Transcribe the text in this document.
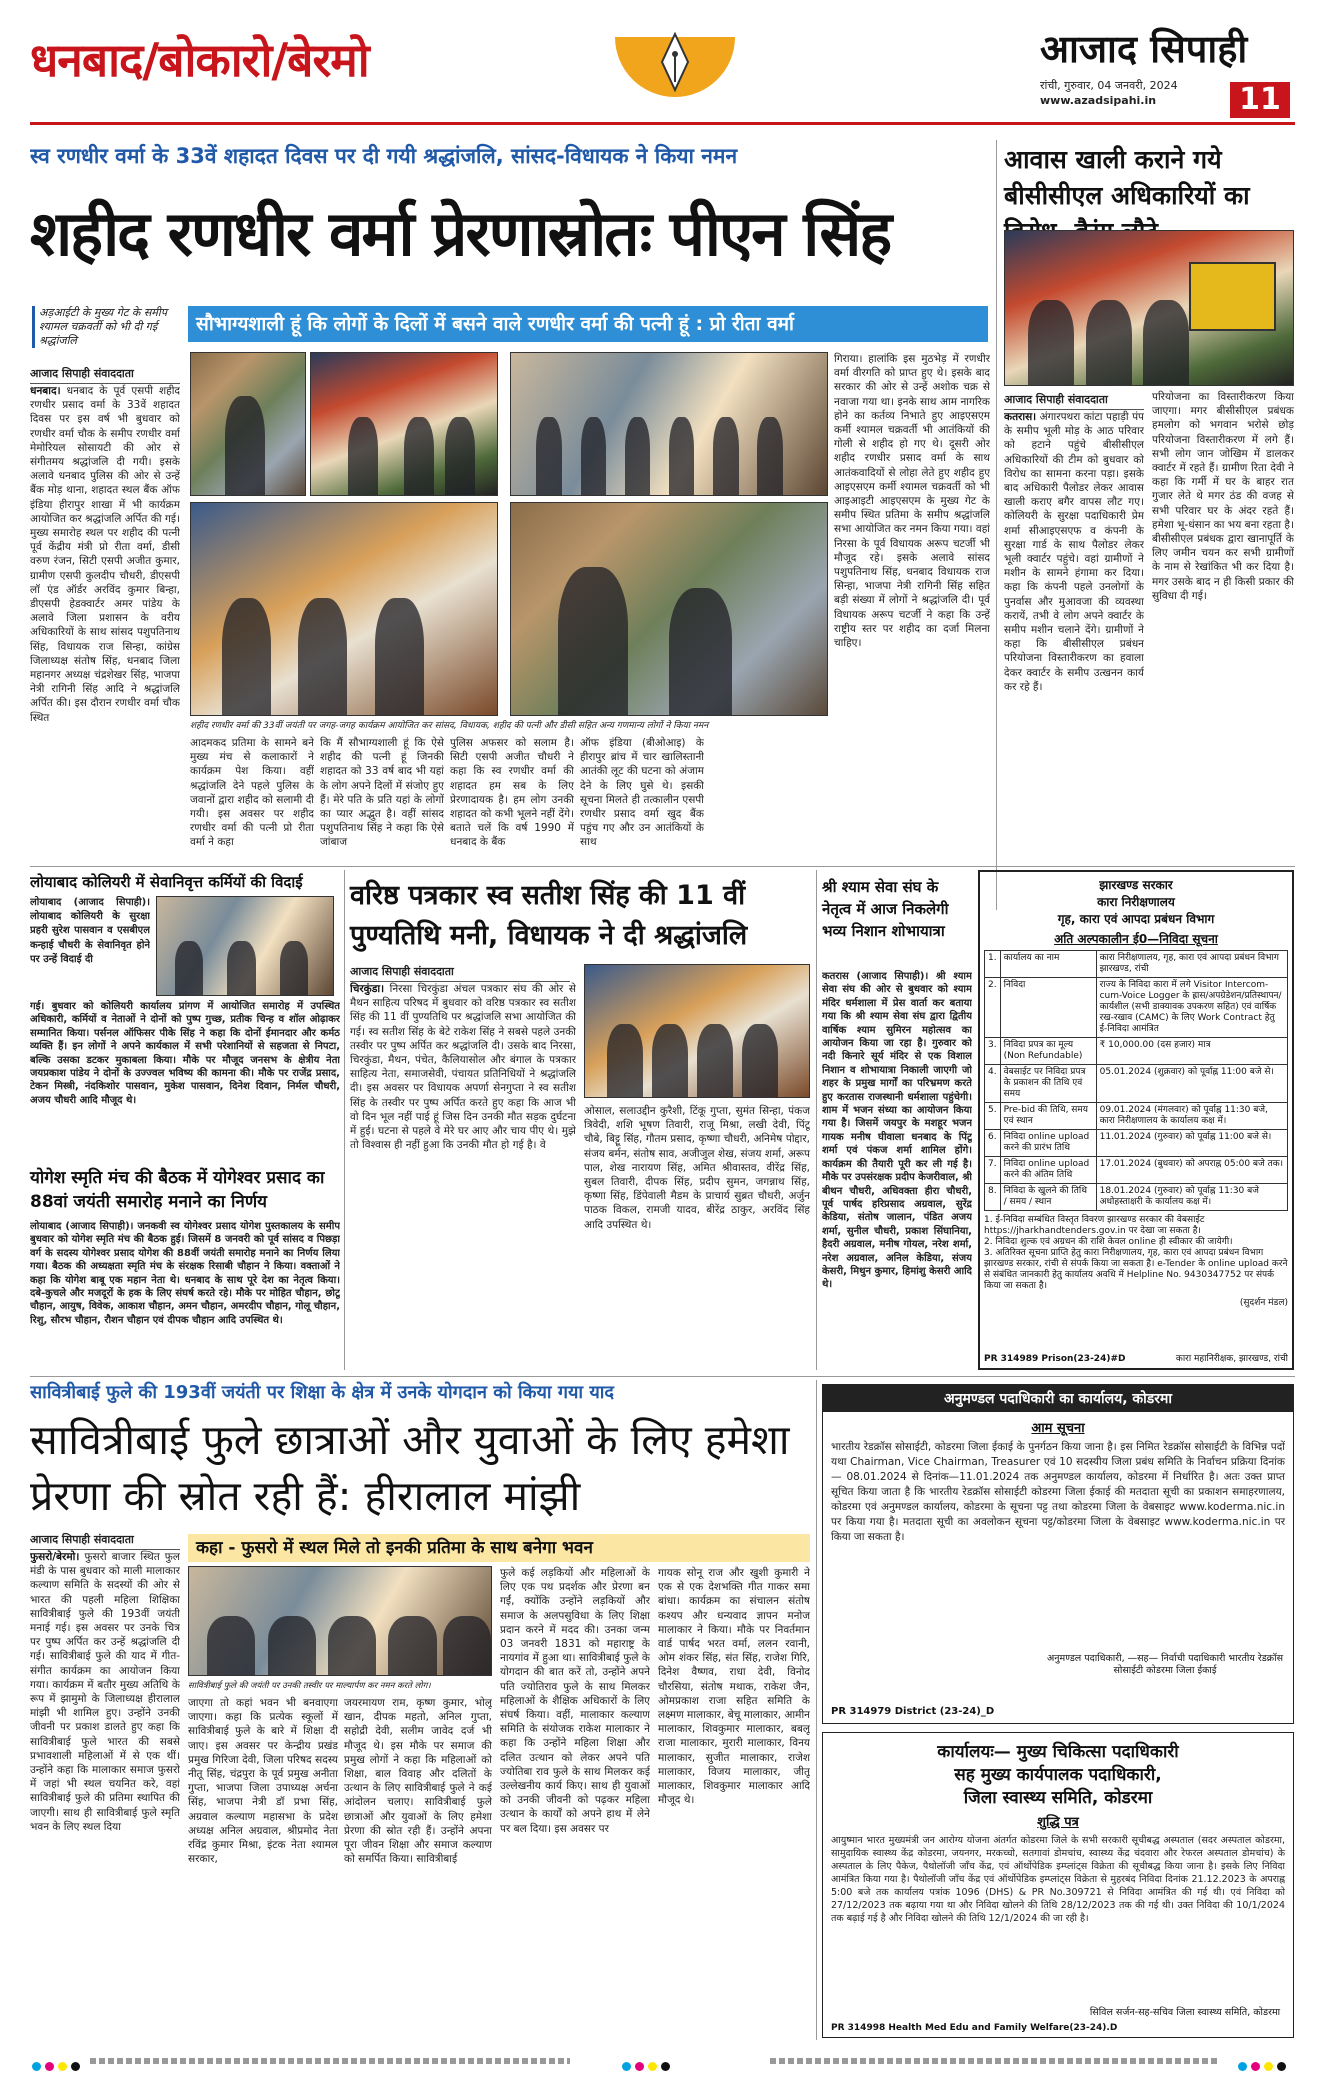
धनबाद/बोकारो/बेरमो	आजाद सिपाही
रांची, गुरुवार, 04 जनवरी, 2024
www.azadsipahi.in	11
स्व रणधीर वर्मा के 33वें शहादत दिवस पर दी गयी श्रद्धांजलि, सांसद-विधायक ने किया नमन
शहीद रणधीर वर्मा प्रेरणास्रोतः पीएन सिंह
अड़आईटी के मुख्य गेट के समीप श्यामल चक्रवर्ती को भी दी गई श्रद्धांजलि
सौभाग्यशाली हूं कि लोगों के दिलों में बसने वाले रणधीर वर्मा की पत्नी हूं : प्रो रीता वर्मा
आजाद सिपाही संवाददाता
धनबाद। धनबाद के पूर्व एसपी शहीद रणधीर प्रसाद वर्मा के 33वें शहादत दिवस पर इस वर्ष भी बुधवार को रणधीर वर्मा चौक के समीप रणधीर वर्मा मेमोरियल सोसायटी की ओर से संगीतमय श्रद्धांजलि दी गयी। इसके अलावे धनबाद पुलिस की ओर से उन्हें बैंक मोड़ थाना, शहादत स्थल बैंक ऑफ इंडिया हीरापुर शाखा में भी कार्यक्रम आयोजित कर श्रद्धांजलि अर्पित की गई। मुख्य समारोह स्थल पर शहीद की पत्नी पूर्व केंद्रीय मंत्री प्रो रीता वर्मा, डीसी वरुण रंजन, सिटी एसपी अजीत कुमार, ग्रामीण एसपी कुलदीप चौधरी, डीएसपी लॉ एंड ऑर्डर अरविंद कुमार बिन्हा, डीएसपी हेडक्वार्टर अमर पांडेय के अलावे जिला प्रशासन के वरीय अधिकारियों के साथ सांसद पशुपतिनाथ सिंह, विधायक राज सिन्हा, कांग्रेस जिलाध्यक्ष संतोष सिंह, धनबाद जिला महानगर अध्यक्ष चंद्रशेखर सिंह, भाजपा नेत्री रागिनी सिंह आदि ने श्रद्धांजलि अर्पित की। इस दौरान रणधीर वर्मा चौक स्थित
शहीद रणधीर वर्मा की 33वीं जयंती पर जगह-जगह कार्यक्रम आयोजित कर सांसद, विधायक, शहीद की पत्नी और डीसी सहित अन्य गणमान्य लोगों ने किया नमन
गिराया। हालांकि इस मुठभेड़ में रणधीर वर्मा वीरगति को प्राप्त हुए थे। इसके बाद सरकार की ओर से उन्हें अशोक चक्र से नवाजा गया था। इनके साथ आम नागरिक होने का कर्तव्य निभाते हुए आइएसएम कर्मी श्यामल चक्रवर्ती भी आतंकियों की गोली से शहीद हो गए थे। दूसरी ओर शहीद रणधीर प्रसाद वर्मा के साथ आतंकवादियों से लोहा लेते हुए शहीद हुए आइएसएम कर्मी श्यामल चक्रवर्ती को भी आइआइटी आइएसएम के मुख्य गेट के समीप स्थित प्रतिमा के समीप श्रद्धांजलि सभा आयोजित कर नमन किया गया। वहां निरसा के पूर्व विधायक अरूप चटर्जी भी मौजूद रहे। इसके अलावे सांसद पशुपतिनाथ सिंह, धनबाद विधायक राज सिन्हा, भाजपा नेत्री रागिनी सिंह सहित बड़ी संख्या में लोगों ने श्रद्धांजलि दी। पूर्व विधायक अरूप चटर्जी ने कहा कि उन्हें राष्ट्रीय स्तर पर शहीद का दर्जा मिलना चाहिए।
आदमकद प्रतिमा के सामने बने मुख्य मंच से कलाकारों ने कार्यक्रम पेश किया। वहीं श्रद्धांजलि देने पहले पुलिस के जवानों द्वारा शहीद को सलामी दी गयी। इस अवसर पर शहीद रणधीर वर्मा की पत्नी प्रो रीता वर्मा ने कहा
कि मैं सौभाग्यशाली हूं कि ऐसे शहीद की पत्नी हूं जिनकी शहादत को 33 वर्ष बाद भी यहां के लोग अपने दिलों में संजोए हुए हैं। मेरे पति के प्रति यहां के लोगों का प्यार अद्भुत है। वहीं सांसद पशुपतिनाथ सिंह ने कहा कि ऐसे जांबाज
पुलिस अफसर को सलाम है। सिटी एसपी अजीत चौधरी ने कहा कि स्व रणधीर वर्मा की शहादत हम सब के लिए प्रेरणादायक है। हम लोग उनकी शहादत को कभी भूलने नहीं देंगे। बताते चलें कि वर्ष 1990 में धनबाद के बैंक
ऑफ इंडिया (बीओआइ) के हीरापुर ब्रांच में चार खालिस्तानी आतंकी लूट की घटना को अंजाम देने के लिए घुसे थे। इसकी सूचना मिलते ही तत्कालीन एसपी रणधीर प्रसाद वर्मा खुद बैंक पहुंच गए और उन आतंकियों के साथ
आवास खाली कराने गये बीसीसीएल अधिकारियों का
आजाद सिपाही संवाददाता
कतरास। अंगारपथरा कांटा पहाड़ी पंप के समीप भूली मोड़ के आठ परिवार को हटाने पहुंचे बीसीसीएल अधिकारियों की टीम को बुधवार को विरोध का सामना करना पड़ा। इसके बाद अधिकारी पैलोडर लेकर आवास खाली कराए बगैर वापस लौट गए। कोलियरी के सुरक्षा पदाधिकारी प्रेम शर्मा सीआइएसएफ व कंपनी के सुरक्षा गार्ड के साथ पैलोडर लेकर भूली क्वार्टर पहुंचे। वहां ग्रामीणों ने मशीन के सामने हंगामा कर दिया। कहा कि कंपनी पहले उनलोगों के पुनर्वास और मुआवजा की व्यवस्था करायें, तभी वे लोग अपने क्वार्टर के समीप मशीन चलाने देंगे। ग्रामीणों ने कहा कि बीसीसीएल प्रबंधन परियोजना विस्तारीकरण का हवाला देकर क्वार्टर के समीप उत्खनन कार्य कर रहे हैं।
परियोजना का विस्तारीकरण किया जाएगा। मगर बीसीसीएल प्रबंधक हमलोग को भगवान भरोसे छोड़ परियोजना विस्तारीकरण में लगे हैं। सभी लोग जान जोखिम में डालकर क्वार्टर में रहते हैं। ग्रामीण रिता देवी ने कहा कि गर्मी में घर के बाहर रात गुजार लेते थे मगर ठंड की वजह से सभी परिवार घर के अंदर रहते हैं। हमेशा भू-धंसान का भय बना रहता है। बीसीसीएल प्रबंधक द्वारा खानापूर्ति के लिए जमीन चयन कर सभी ग्रामीणों के नाम से रेखांकित भी कर दिया है। मगर उसके बाद न ही किसी प्रकार की सुविधा दी गई।
लोयाबाद कोलियरी में सेवानिवृत्त कर्मियों की विदाई
लोयाबाद (आजाद सिपाही)। लोयाबाद कोलियरी के सुरक्षा प्रहरी सुरेश पासवान व एसबीएल कन्हाई चौधरी के सेवानिवृत होने पर उन्हें विदाई दी
गई। बुधवार को कोलियरी कार्यालय प्रांगण में आयोजित समारोह में उपस्थित अधिकारी, कर्मियों व नेताओं ने दोनों को पुष्प गुच्छ, प्रतीक चिन्ह व शॉल ओढ़ाकर सम्मानित किया। पर्सनल ऑफिसर पीके सिंह ने कहा कि दोनों ईमानदार और कर्मठ व्यक्ति हैं। इन लोगों ने अपने कार्यकाल में सभी परेशानियों से सहजता से निपटा, बल्कि उसका डटकर मुकाबला किया। मौके पर मौजूद जनसभ के क्षेत्रीय नेता जयप्रकाश पांडेय ने दोनों के उज्ज्वल भविष्य की कामना की। मौके पर राजेंद्र प्रसाद, टेकन मिस्त्री, नंदकिशोर पासवान, मुकेश पासवान, दिनेश दिवान, निर्मल चौधरी, अजय चौधरी आदि मौजूद थे।
योगेश स्मृति मंच की बैठक में योगेश्वर प्रसाद का 88वां जयंती समारोह मनाने का निर्णय
लोयाबाद (आजाद सिपाही)। जनकवी स्व योगेश्वर प्रसाद योगेश पुस्तकालय के समीप बुधवार को योगेश स्मृति मंच की बैठक हुई। जिसमें 8 जनवरी को पूर्व सांसद व पिछड़ा वर्ग के सदस्य योगेश्वर प्रसाद योगेश की 88वीं जयंती समारोह मनाने का निर्णय लिया गया। बैठक की अध्यक्षता स्मृति मंच के संरक्षक रिसाबी चौहान ने किया। वक्ताओं ने कहा कि योगेश बाबू एक महान नेता थे। धनबाद के साथ पूरे देश का नेतृत्व किया। दबे-कुचले और मजदूरों के हक के लिए संघर्ष करते रहे। मौके पर मोहित चौहान, छोटू चौहान, आयुष, विवेक, आकाश चौहान, अमन चौहान, अमरदीप चौहान, गोलू चौहान, रिशु, सौरभ चौहान, रौशन चौहान एवं दीपक चौहान आदि उपस्थित थे।
वरिष्ठ पत्रकार स्व सतीश सिंह की 11 वीं पुण्यतिथि मनी, विधायक ने दी श्रद्धांजलि
आजाद सिपाही संवाददाता
चिरकुंडा। निरसा चिरकुंडा अंचल पत्रकार संघ की ओर से मैथन साहित्य परिषद में बुधवार को वरिष्ठ पत्रकार स्व सतीश सिंह की 11 वीं पुण्यतिथि पर श्रद्धांजलि सभा आयोजित की गई। स्व सतीश सिंह के बेटे राकेश सिंह ने सबसे पहले उनकी तस्वीर पर पुष्प अर्पित कर श्रद्धांजलि दी। उसके बाद निरसा, चिरकुंडा, मैथन, पंचेत, कैलियासोल और बंगाल के पत्रकार साहित्य नेता, समाजसेवी, पंचायत प्रतिनिधियों ने श्रद्धांजलि दी। इस अवसर पर विधायक अपर्णा सेनगुप्ता ने स्व सतीश सिंह के तस्वीर पर पुष्प अर्पित करते हुए कहा कि आज भी वो दिन भूल नहीं पाई हूं जिस दिन उनकी मौत सड़क दुर्घटना में हुई। घटना से पहले वे मेरे घर आए और चाय पीए थे। मुझे तो विश्वास ही नहीं हुआ कि उनकी मौत हो गई है। वे
ओसाल, सलाउद्दीन कुरैशी, टिंकू गुप्ता, सुमंत सिन्हा, पंकज त्रिवेदी, शशि भूषण तिवारी, राजू मिश्रा, लखी देवी, पिंटू चौबे, बिट्टू सिंह, गौतम प्रसाद, कृष्णा चौधरी, अनिमेष पोद्दार, संजय बर्मन, संतोष साव, अजीजुल शेख, संजय शर्मा, अरूप पाल, शेख नारायण सिंह, अमित श्रीवास्तव, वीरेंद्र सिंह, सुबल तिवारी, दीपक सिंह, प्रदीप सुमन, जगन्नाथ सिंह, कृष्णा सिंह, डिंपेवाली मैडम के प्राचार्य सुब्रत चौधरी, अर्जुन पाठक विकल, रामजी यादव, बीरेंद्र ठाकुर, अरविंद सिंह आदि उपस्थित थे।
श्री श्याम सेवा संघ के नेतृत्व में आज निकलेगी भव्य निशान शोभायात्रा
कतरास (आजाद सिपाही)। श्री श्याम सेवा संघ की ओर से बुधवार को श्याम मंदिर धर्मशाला में प्रेस वार्ता कर बताया गया कि श्री श्याम सेवा संघ द्वारा द्वितीय वार्षिक श्याम सुमिरन महोत्सव का आयोजन किया जा रहा है। गुरुवार को नदी किनारे सूर्य मंदिर से एक विशाल निशान व शोभायात्रा निकाली जाएगी जो शहर के प्रमुख मार्गों का परिभ्रमण करते हुए करतास राजस्थानी धर्मशाला पहुंचेगी। शाम में भजन संध्या का आयोजन किया गया है। जिसमें जयपुर के मशहूर भजन गायक मनीष घीवाला धनबाद के पिंटू शर्मा एवं पंकज शर्मा शामिल होंगे। कार्यक्रम की तैयारी पूरी कर ली गई है। मौके पर उपसंरक्षक प्रदीप केजरीवाल, श्री बीथन चौधरी, अधिवक्ता हीरा चौधरी, पूर्व पार्षद हरिप्रसाद अग्रवाल, सुरेंद्र केडिया, संतोष जालान, पंडित अजय शर्मा, सुनील चौधरी, प्रकाश सिंघानिया, हैदरी अग्रवाल, मनीष गोयल, नरेश शर्मा, नरेश अग्रवाल, अनिल केडिया, संजय केसरी, मिथुन कुमार, हिमांशु केसरी आदि थे।
झारखण्ड सरकार
कारा निरीक्षणालय
गृह, कारा एवं आपदा प्रबंधन विभाग
अति अल्पकालीन ई0—निविदा सूचना
1.	कार्यालय का नाम	कारा निरीक्षणालय, गृह, कारा एवं आपदा प्रबंधन विभाग झारखण्ड, रांची
2.	निविदा	राज्य के निविदा कारा में लगे Visitor Intercom-cum-Voice Logger के ह्रास/अपग्रेडेशन/प्रतिस्थापन/कार्यशील (सभी डाक्यावक उपकरण सहित) एवं वार्षिक रख-रखाव (CAMC) के लिए Work Contract हेतु ई-निविदा आमंत्रित
3.	निविदा प्रपत्र का मूल्य (Non Refundable)	₹ 10,000.00 (दस हजार) मात्र
4.	वेबसाईट पर निविदा प्रपत्र के प्रकाशन की तिथि एवं समय	05.01.2024 (शुक्रवार) को पूर्वाह्न 11:00 बजे से।
5.	Pre-bid की तिथि, समय एवं स्थान	09.01.2024 (मंगलवार) को पूर्वाह्न 11:30 बजे, कारा निरीक्षणालय के कार्यालय कक्ष में।
6.	निविदा online upload करने की प्रारंभ तिथि	11.01.2024 (गुरुवार) को पूर्वाह्न 11:00 बजे से।
7.	निविदा online upload करने की अंतिम तिथि	17.01.2024 (बुधवार) को अपराह्न 05:00 बजे तक।
8.	निविदा के खुलने की तिथि / समय / स्थान	18.01.2024 (गुरुवार) को पूर्वाह्न 11:30 बजे अधोहस्ताक्षरी के कार्यालय कक्ष में।
1. ई-निविदा सम्बंधित विस्तृत विवरण झारखण्ड सरकार की वेबसाईट https://jharkhandtenders.gov.in पर देखा जा सकता है।
2. निविदा शुल्क एवं अग्रधन की राशि केवल online ही स्वीकार की जायेगी।
3. अतिरिक्त सूचना प्राप्ति हेतु कारा निरीक्षणालय, गृह, कारा एवं आपदा प्रबंधन विभाग झारखण्ड सरकार, रांची से संपर्क किया जा सकता है। e-Tender के online upload करने से संबंधित जानकारी हेतु कार्यालय अवधि में Helpline No. 9430347752 पर संपर्क किया जा सकता है।
(सुदर्शन मंडल)
PR 314989 Prison(23-24)#D	कारा महानिरीक्षक, झारखण्ड, रांची
सावित्रीबाई फुले की 193वीं जयंती पर शिक्षा के क्षेत्र में उनके योगदान को किया गया याद
सावित्रीबाई फुले छात्राओं और युवाओं के लिए हमेशा प्रेरणा की स्रोत रही हैं: हीरालाल मांझी
आजाद सिपाही संवाददाता
फुसरो/बेरमो। फुसरो बाजार स्थित फुल मंडी के पास बुधवार को माली मालाकार कल्याण समिति के सदस्यों की ओर से भारत की पहली महिला शिक्षिका सावित्रीबाई फुले की 193वीं जयंती मनाई गई। इस अवसर पर उनके चित्र पर पुष्प अर्पित कर उन्हें श्रद्धांजलि दी गई। सावित्रीबाई फुले की याद में गीत-संगीत कार्यक्रम का आयोजन किया गया। कार्यक्रम में बतौर मुख्य अतिथि के रूप में झामुमो के जिलाध्यक्ष हीरालाल मांझी भी शामिल हुए। उन्होंने उनकी जीवनी पर प्रकाश डालते हुए कहा कि सावित्रीबाई फुले भारत की सबसे प्रभावशाली महिलाओं में से एक थीं। उन्होंने कहा कि मालाकार समाज फुसरो में जहां भी स्थल चयनित करे, वहां सावित्रीबाई फुले की प्रतिमा स्थापित की जाएगी। साथ ही सावित्रीबाई फुले स्मृति भवन के लिए स्थल दिया
कहा - फुसरो में स्थल मिले तो इनकी प्रतिमा के साथ बनेगा भवन
सावित्रीबाई फुले की जयंती पर उनकी तस्वीर पर माल्यार्पण कर नमन करते लोग।
जाएगा तो कहां भवन भी बनवाएगा जाएगा। कहा कि प्रत्येक स्कूलों में सावित्रीबाई फुले के बारे में शिक्षा दी जाए। इस अवसर पर केन्द्रीय प्रखंड प्रमुख गिरिजा देवी, जिला परिषद सदस्य नीतू सिंह, चंद्रपुरा के पूर्व प्रमुख अनीता गुप्ता, भाजपा जिला उपाध्यक्ष अर्चना सिंह, भाजपा नेत्री डॉ प्रभा सिंह, अग्रवाल कल्याण महासभा के प्रदेश अध्यक्ष अनिल अग्रवाल, श्रीप्रमोद नेता रविंद्र कुमार मिश्रा, इंटक नेता श्यामल सरकार,
जयरमायण राम, कृष्ण कुमार, भोलू खान, दीपक महतो, अनिल गुप्ता, सहोद्री देवी, सलीम जावेद दर्ज भी मौजूद थे। इस मौके पर समाज की प्रमुख लोगों ने कहा कि महिलाओं को शिक्षा, बाल विवाह और दलितों के उत्थान के लिए सावित्रीबाई फुले ने कई आंदोलन चलाए। सावित्रीबाई फुले छात्राओं और युवाओं के लिए हमेशा प्रेरणा की स्रोत रही हैं। उन्होंने अपना पूरा जीवन शिक्षा और समाज कल्याण को समर्पित किया। सावित्रीबाई
फुले कई लड़कियों और महिलाओं के लिए एक पथ प्रदर्शक और प्रेरणा बन गईं, क्योंकि उन्होंने लड़कियों और समाज के अलपसुविधा के लिए शिक्षा प्रदान करने में मदद की। उनका जन्म 03 जनवरी 1831 को महाराष्ट्र के नायगांव में हुआ था। सावित्रीबाई फुले के योगदान की बात करें तो, उन्होंने अपने पति ज्योतिराव फुले के साथ मिलकर महिलाओं के शैक्षिक अधिकारों के लिए संघर्ष किया। वहीं, मालाकार कल्याण समिति के संयोजक राकेश मालाकार ने कहा कि उन्होंने महिला शिक्षा और दलित उत्थान को लेकर अपने पति ज्योतिबा राव फुले के साथ मिलकर कई उल्लेखनीय कार्य किए। साथ ही युवाओं को उनकी जीवनी को पढ़कर महिला उत्थान के कार्यों को अपने हाथ में लेने पर बल दिया। इस अवसर पर
गायक सोनू राज और खुशी कुमारी ने एक से एक देशभक्ति गीत गाकर समा बांधा। कार्यक्रम का संचालन संतोष कश्यप और धन्यवाद ज्ञापन मनोज मालाकार ने किया। मौके पर निवर्तमान वार्ड पार्षद भरत वर्मा, ललन रवानी, ओम शंकर सिंह, संत सिंह, राजेश गिरि, दिनेश वैष्णव, राधा देवी, विनोद चौरसिया, संतोष मथाक, राकेश जैन, ओमप्रकाश राजा सहित समिति के लक्ष्मण मालाकार, बेचू मालाकार, आमीन मालाकार, शिवकुमार मालाकार, बबलू राजा मालाकार, मुरारी मालाकार, विनय मालाकार, सुजीत मालाकार, राजेश मालाकार, विजय मालाकार, जीतू मालाकार, शिवकुमार मालाकार आदि मौजूद थे।
अनुमण्डल पदाधिकारी का कार्यालय, कोडरमा
आम सूचना
भारतीय रेडक्रॉस सोसाईटी, कोडरमा जिला ईकाई के पुनर्गठन किया जाना है। इस निमित रेडक्रॉस सोसाईटी के विभिन्न पदों यथा Chairman, Vice Chairman, Treasurer एवं 10 सदस्यीय जिला प्रबंध समिति के निर्वाचन प्रक्रिया दिनांक— 08.01.2024 से दिनांक—11.01.2024 तक अनुमण्डल कार्यालय, कोडरमा में निर्धारित है। अतः उक्त प्राप्त सूचित किया जाता है कि भारतीय रेडक्रॉस सोसाईटी कोडरमा जिला ईकाई की मतदाता सूची का प्रकाशन समाहरणालय, कोडरमा एवं अनुमण्डल कार्यालय, कोडरमा के सूचना पट्ट तथा कोडरमा जिला के वेबसाइट www.koderma.nic.in पर किया गया है। मतदाता सूची का अवलोकन सूचना पट्ट/कोडरमा जिला के वेबसाइट www.koderma.nic.in पर किया जा सकता है।
अनुमण्डल पदाधिकारी, —सह— निर्वाची पदाधिकारी भारतीय रेडक्रॉस सोसाईटी कोडरमा जिला ईकाई
PR 314979 District (23-24)_D
कार्यालयः— मुख्य चिकित्सा पदाधिकारी
सह मुख्य कार्यपालक पदाधिकारी,
जिला स्वास्थ्य समिति, कोडरमा
शुद्धि पत्र
आयुष्मान भारत मुख्यमंत्री जन आरोग्य योजना अंतर्गत कोडरमा जिले के सभी सरकारी सूचीबद्ध अस्पताल (सदर अस्पताल कोडरमा, सामुदायिक स्वास्थ्य केंद्र कोडरमा, जयनगर, मरकच्चो, सतगावां डोमचांच, स्वास्थ्य केंद्र चंदवारा और रेफरल अस्पताल डोमचांच) के अस्पताल के लिए पैकेज, पैथोलॉजी जाँच केंद्र, एवं ऑर्थोपेडिक इम्प्लांट्स विक्रेता की सूचीबद्ध किया जाना है। इसके लिए निविदा आमंत्रित किया गया है। पैथोलॉजी जाँच केंद्र एवं ऑर्थोपेडिक इम्प्लांट्स विक्रेता से मुहरबंद निविदा दिनांक 21.12.2023 के अपराह्न 5:00 बजे तक कार्यालय पत्रांक 1096 (DHS) & PR No.309721 से निविदा आमंत्रित की गई थी। एवं निविदा को 27/12/2023 तक बढ़ाया गया था और निविदा खोलने की तिथि 28/12/2023 तक की गई थी। उक्त निविदा की 10/1/2024 तक बढ़ाई गई है और निविदा खोलने की तिथि 12/1/2024 की जा रही है।
सिविल सर्जन-सह-सचिव जिला स्वास्थ्य समिति, कोडरमा
PR 314998 Health Med Edu and Family Welfare(23-24).D
